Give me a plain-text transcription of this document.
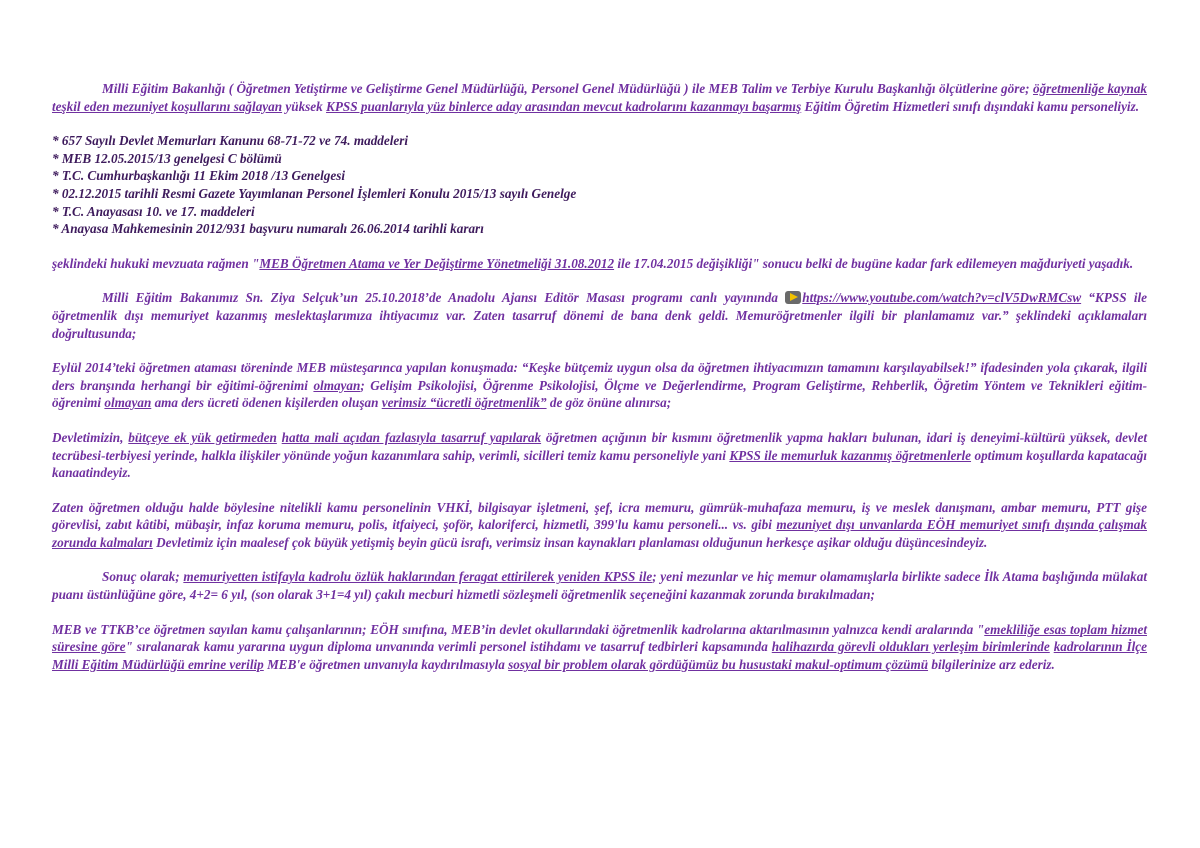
Milli Eğitim Bakanlığı ( Öğretmen Yetiştirme ve Geliştirme Genel Müdürlüğü, Personel Genel Müdürlüğü ) ile MEB Talim ve Terbiye Kurulu Başkanlığı ölçütlerine göre; öğretmenliğe kaynak teşkil eden mezuniyet koşullarını sağlayan yüksek KPSS puanlarıyla yüz binlerce aday arasından mevcut kadrolarını kazanmayı başarmış Eğitim Öğretim Hizmetleri sınıfı dışındaki kamu personeliyiz.

* 657 Sayılı Devlet Memurları Kanunu 68-71-72 ve 74. maddeleri

* MEB 12.05.2015/13 genelgesi C bölümü

* T.C. Cumhurbaşkanlığı 11 Ekim 2018 /13 Genelgesi

* 02.12.2015 tarihli Resmi Gazete Yayımlanan Personel İşlemleri Konulu 2015/13 sayılı Genelge

* T.C. Anayasası 10. ve 17. maddeleri

* Anayasa Mahkemesinin 2012/931 başvuru numaralı 26.06.2014 tarihli kararı

şeklindeki hukuki mevzuata rağmen "MEB Öğretmen Atama ve Yer Değiştirme Yönetmeliği 31.08.2012 ile 17.04.2015 değişikliği" sonucu belki de bugüne kadar fark edilemeyen mağduriyeti yaşadık.

Milli Eğitim Bakanımız Sn. Ziya Selçuk’un 25.10.2018’de Anadolu Ajansı Editör Masası programı canlı yayınında https://www.youtube.com/watch?v=clV5DwRMCsw “KPSS ile öğretmenlik dışı memuriyet kazanmış meslektaşlarımıza ihtiyacımız var. Zaten tasarruf dönemi de bana denk geldi. Memuröğretmenler ilgili bir planlamamız var.” şeklindeki açıklamaları doğrultusunda;

Eylül 2014’teki öğretmen ataması töreninde MEB müsteşarınca yapılan konuşmada: “Keşke bütçemiz uygun olsa da öğretmen ihtiyacımızın tamamını karşılayabilsek!” ifadesinden yola çıkarak, ilgili ders branşında herhangi bir eğitimi-öğrenimi olmayan; Gelişim Psikolojisi, Öğrenme Psikolojisi, Ölçme ve Değerlendirme, Program Geliştirme, Rehberlik, Öğretim Yöntem ve Teknikleri eğitim-öğrenimi olmayan ama ders ücreti ödenen kişilerden oluşan verimsiz “ücretli öğretmenlik” de göz önüne alınırsa;

Devletimizin, bütçeye ek yük getirmeden hatta mali açıdan fazlasıyla tasarruf yapılarak öğretmen açığının bir kısmını öğretmenlik yapma hakları bulunan, idari iş deneyimi-kültürü yüksek, devlet tecrübesi-terbiyesi yerinde, halkla ilişkiler yönünde yoğun kazanımlara sahip, verimli, sicilleri temiz kamu personeliyle yani KPSS ile memurluk kazanmış öğretmenlerle optimum koşullarda kapatacağı kanaatindeyiz.

Zaten öğretmen olduğu halde böylesine nitelikli kamu personelinin VHKİ, bilgisayar işletmeni, şef, icra memuru, gümrük-muhafaza memuru, iş ve meslek danışmanı, ambar memuru, PTT gişe görevlisi, zabıt kâtibi, mübaşir, infaz koruma memuru, polis, itfaiyeci, şoför, kaloriferci, hizmetli, 399'lu kamu personeli... vs. gibi mezuniyet dışı unvanlarda EÖH memuriyet sınıfı dışında çalışmak zorunda kalmaları Devletimiz için maalesef çok büyük yetişmiş beyin gücü israfı, verimsiz insan kaynakları planlaması olduğunun herkesçe aşikar olduğu düşüncesindeyiz.

Sonuç olarak; memuriyetten istifayla kadrolu özlük haklarından feragat ettirilerek yeniden KPSS ile; yeni mezunlar ve hiç memur olamamışlarla birlikte sadece İlk Atama başlığında mülakat puanı üstünlüğüne göre, 4+2= 6 yıl, (son olarak 3+1=4 yıl) çakılı mecburi hizmetli sözleşmeli öğretmenlik seçeneğini kazanmak zorunda bırakılmadan;

MEB ve TTKB’ce öğretmen sayılan kamu çalışanlarının; EÖH sınıfına, MEB’in devlet okullarındaki öğretmenlik kadrolarına aktarılmasının yalnızca kendi aralarında "emekliliğe esas toplam hizmet süresine göre" sıralanarak kamu yararına uygun diploma unvanında verimli personel istihdamı ve tasarruf tedbirleri kapsamında halihazırda görevli oldukları yerleşim birimlerinde kadrolarının İlçe Milli Eğitim Müdürlüğü emrine verilip MEB'e öğretmen unvanıyla kaydırılmasıyla sosyal bir problem olarak gördüğümüz bu husustaki makul-optimum çözümü bilgilerinize arz ederiz.
